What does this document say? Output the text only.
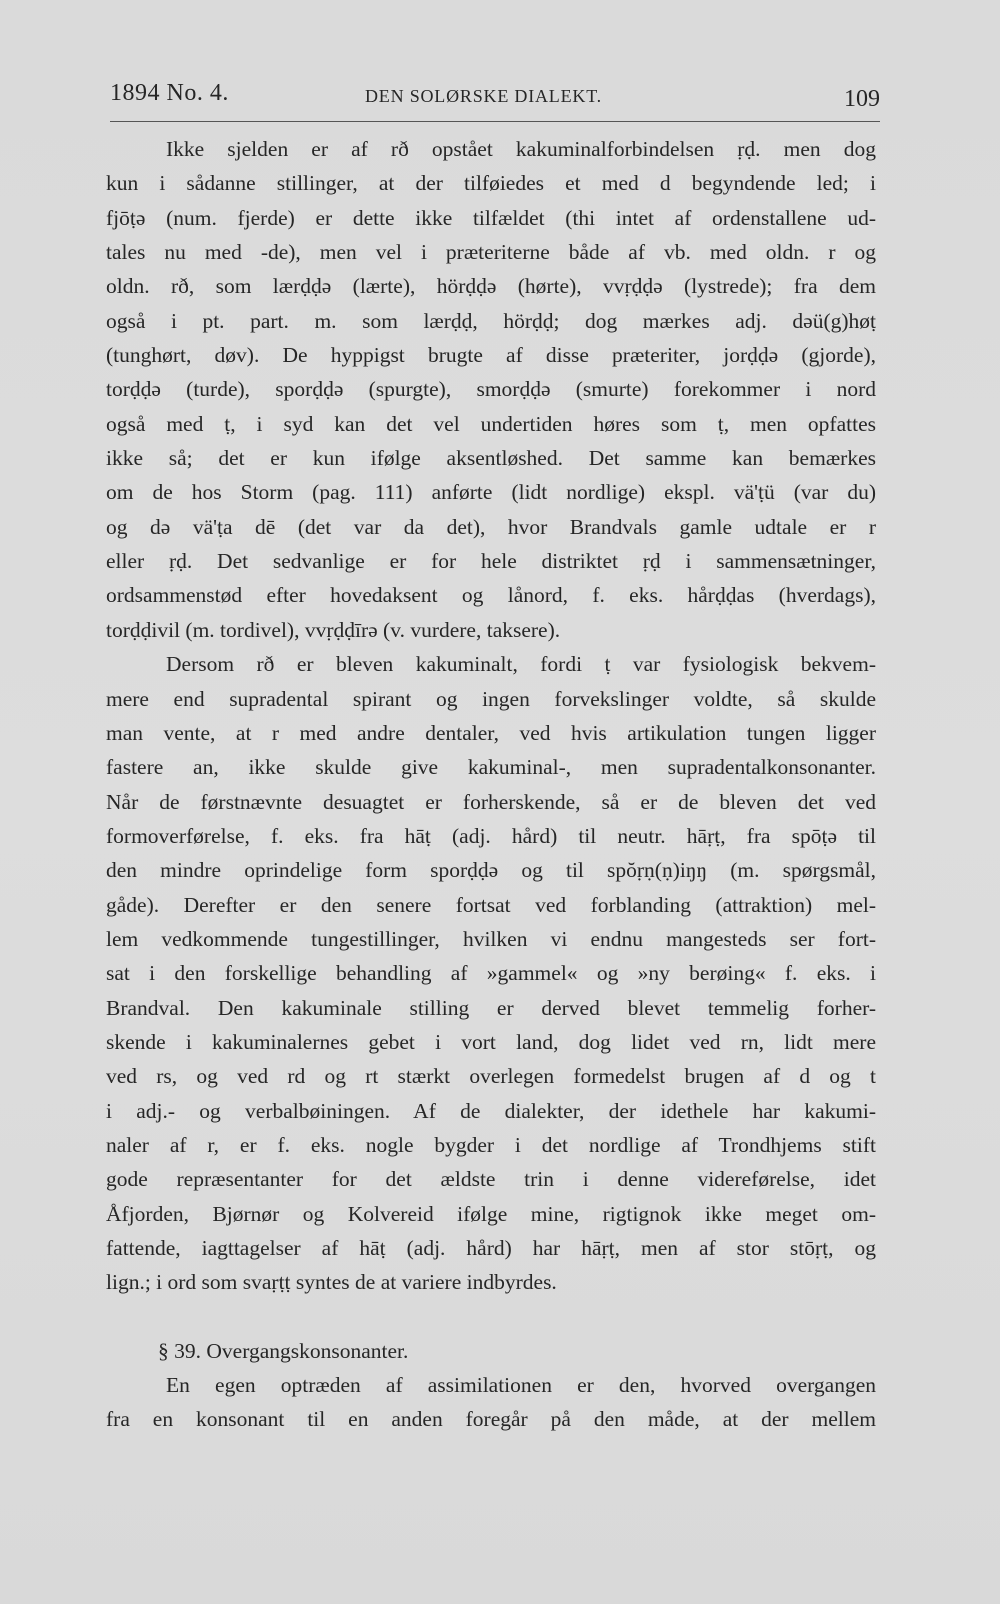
1894 No. 4.	DEN SOLØRSKE DIALEKT.	109
Ikke sjelden er af rð opstået kakuminalforbindelsen ṛḍ. men dog
kun i sådanne stillinger, at der tilføiedes et med d begyndende led; i
fjōṭə (num. fjerde) er dette ikke tilfældet (thi intet af ordenstallene ud-
tales nu med -de), men vel i præteriterne både af vb. med oldn. r og
oldn. rð, som lærḍḍə (lærte), hörḍḍə (hørte), vvṛḍḍə (lystrede); fra dem
også i pt. part. m. som lærḍḍ, hörḍḍ; dog mærkes adj. dəü(g)høṭ
(tunghørt, døv). De hyppigst brugte af disse præteriter, jorḍḍə (gjorde),
torḍḍə (turde), sporḍḍə (spurgte), smorḍḍə (smurte) forekommer i nord
også med ṭ, i syd kan det vel undertiden høres som ṭ, men opfattes
ikke så; det er kun ifølge aksentløshed. Det samme kan bemærkes
om de hos Storm (pag. 111) anførte (lidt nordlige) ekspl. vä'ṭü (var du)
og də vä'ṭa dē (det var da det), hvor Brandvals gamle udtale er r
eller ṛḍ. Det sedvanlige er for hele distriktet ṛḍ i sammensætninger,
ordsammenstød efter hovedaksent og lånord, f. eks. hårḍḍas (hverdags),
torḍḍivil (m. tordivel), vvṛḍḍīrə (v. vurdere, taksere).
Dersom rð er bleven kakuminalt, fordi ṭ var fysiologisk bekvem-
mere end supradental spirant og ingen forvekslinger voldte, så skulde
man vente, at r med andre dentaler, ved hvis artikulation tungen ligger
fastere an, ikke skulde give kakuminal-, men supradentalkonsonanter.
Når de førstnævnte desuagtet er forherskende, så er de bleven det ved
formoverførelse, f. eks. fra hāṭ (adj. hård) til neutr. hāṛṭ, fra spōṭə til
den mindre oprindelige form sporḍḍə og til spŏṛṇ(ṇ)iŋŋ (m. spørgsmål,
gåde). Derefter er den senere fortsat ved forblanding (attraktion) mel-
lem vedkommende tungestillinger, hvilken vi endnu mangesteds ser fort-
sat i den forskellige behandling af »gammel« og »ny berøing« f. eks. i
Brandval. Den kakuminale stilling er derved blevet temmelig forher-
skende i kakuminalernes gebet i vort land, dog lidet ved rn, lidt mere
ved rs, og ved rd og rt stærkt overlegen formedelst brugen af d og t
i adj.- og verbalbøiningen. Af de dialekter, der idethele har kakumi-
naler af r, er f. eks. nogle bygder i det nordlige af Trondhjems stift
gode repræsentanter for det ældste trin i denne videreførelse, idet
Åfjorden, Bjørnør og Kolvereid ifølge mine, rigtignok ikke meget om-
fattende, iagttagelser af hāṭ (adj. hård) har hāṛṭ, men af stor stōṛṭ, og
lign.; i ord som svaṛṭṭ syntes de at variere indbyrdes.
§ 39. Overgangskonsonanter.
En egen optræden af assimilationen er den, hvorved overgangen
fra en konsonant til en anden foregår på den måde, at der mellem
